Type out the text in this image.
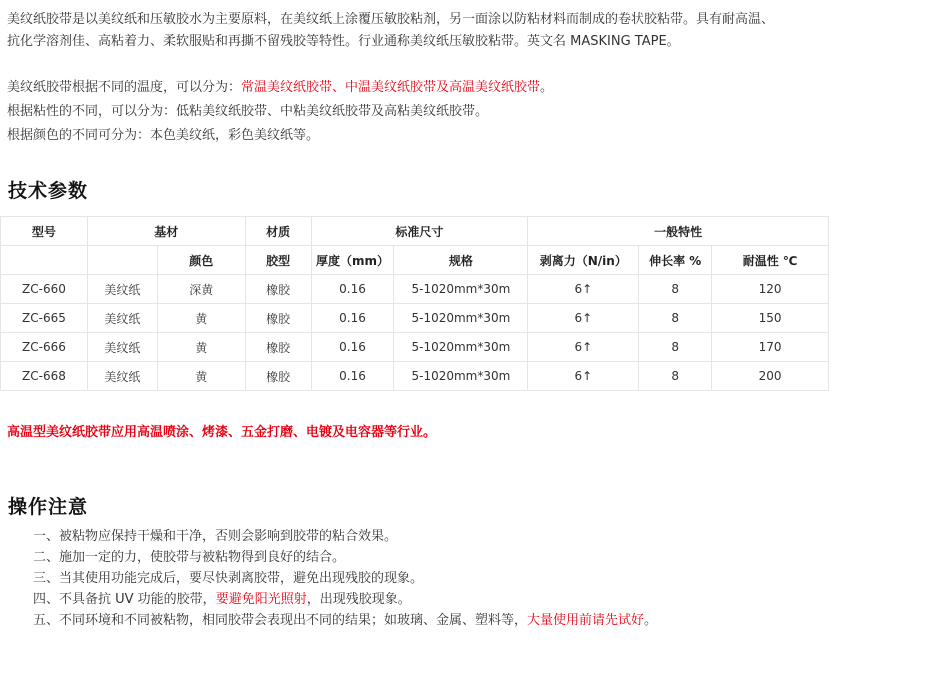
美纹纸胶带是以美纹纸和压敏胶水为主要原料，在美纹纸上涂覆压敏胶粘剂，另一面涂以防粘材料而制成的卷状胶粘带。具有耐高温、
抗化学溶剂佳、高粘着力、柔软服贴和再撕不留残胶等特性。行业通称美纹纸压敏胶粘带。英文名 MASKING TAPE。
美纹纸胶带根据不同的温度，可以分为：常温美纹纸胶带、中温美纹纸胶带及高温美纹纸胶带。
根据粘性的不同，可以分为：低粘美纹纸胶带、中粘美纹纸胶带及高粘美纹纸胶带。
根据颜色的不同可分为：本色美纹纸，彩色美纹纸等。
技术参数
型号	基材		材质	标准尺寸		一般特性		
		颜色	胶型	厚度（mm）	规格	剥离力（N/in）	伸长率 %	耐温性 ℃
ZC-660	美纹纸	深黄	橡胶	0.16	5-1020mm*30m	6↑	8	120
ZC-665	美纹纸	黄	橡胶	0.16	5-1020mm*30m	6↑	8	150
ZC-666	美纹纸	黄	橡胶	0.16	5-1020mm*30m	6↑	8	170
ZC-668	美纹纸	黄	橡胶	0.16	5-1020mm*30m	6↑	8	200
高温型美纹纸胶带应用高温喷涂、烤漆、五金打磨、电镀及电容器等行业。
操作注意
一、被粘物应保持干燥和干净，否则会影响到胶带的粘合效果。
二、施加一定的力，使胶带与被粘物得到良好的结合。
三、当其使用功能完成后，要尽快剥离胶带，避免出现残胶的现象。
四、不具备抗 UV 功能的胶带，要避免阳光照射，出现残胶现象。
五、不同环境和不同被粘物，相同胶带会表现出不同的结果；如玻璃、金属、塑料等，大量使用前请先试好。
